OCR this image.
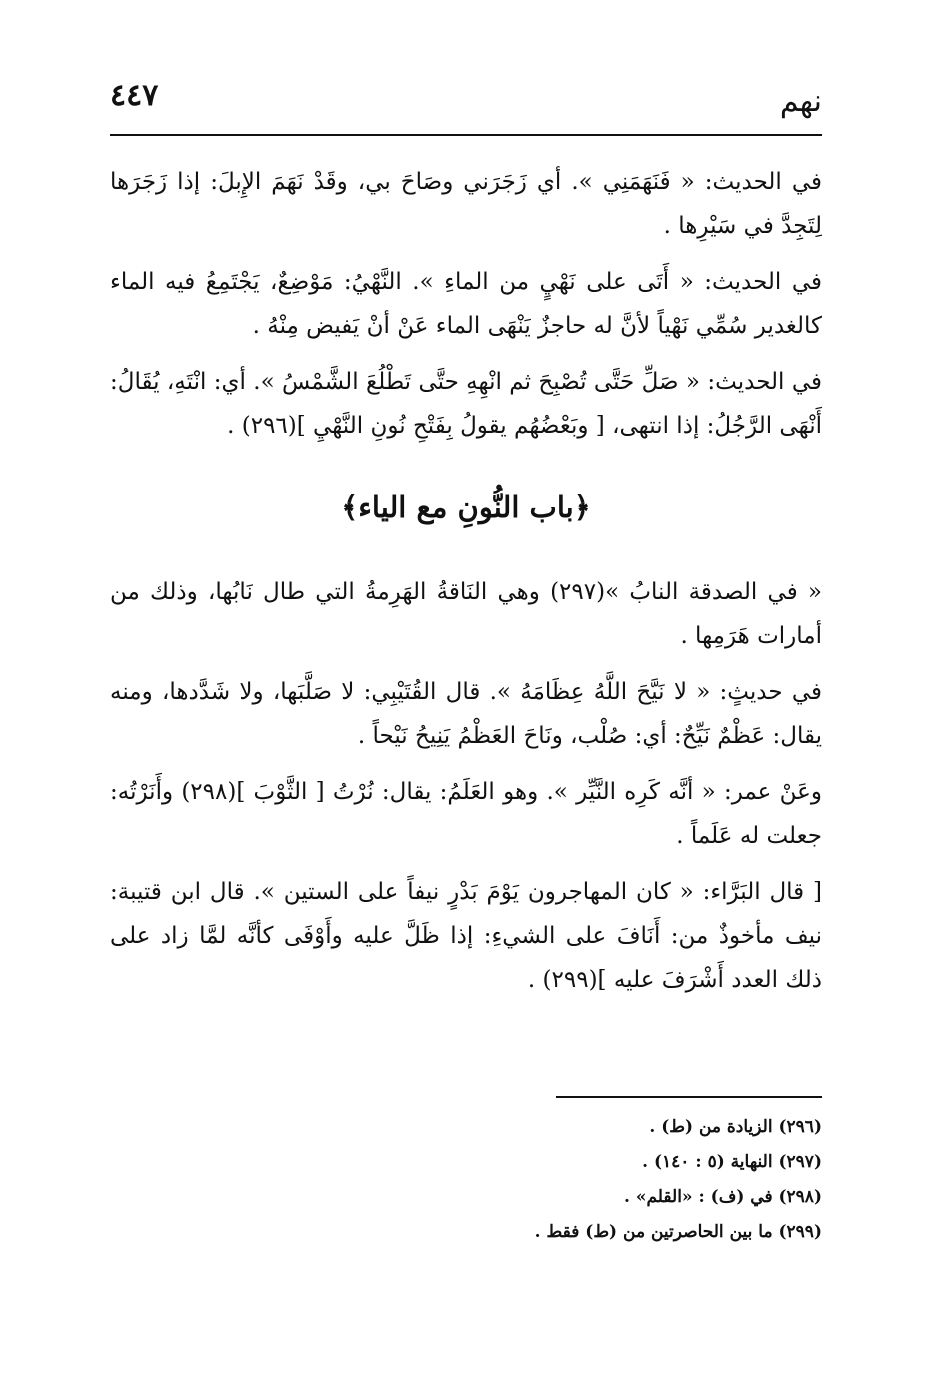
٤٤٧	نهم

في الحديث: « فَنَهَمَنِي ». أي زَجَرَني وصَاحَ بي، وقَدْ نَهَمَ الإِبلَ: إذا زَجَرَها لِتَجِدَّ في سَيْرِها .

في الحديث: « أَتَى على نَهْيٍ من الماءِ ». النَّهْيُ: مَوْضِعٌ، يَجْتَمِعُ فيه الماء كالغدير سُمِّي نَهْياً لأنَّ له حاجزٌ يَنْهَى الماء عَنْ أنْ يَفيض مِنْهُ .

في الحديث: « صَلِّ حَتَّى تُصْبِحَ ثم انْهِهِ حتَّى تَطْلُعَ الشَّمْسُ ». أي: انْتَهِ، يُقَالُ: أَنْهَى الرَّجُلُ: إذا انتهى، [ وبَعْضُهُم يقولُ بِفَتْحِ نُونِ النَّهْيِ ](٢٩٦) .

﴿باب النُّونِ مع الياء﴾

« في الصدقة النابُ »(٢٩٧) وهي النَاقةُ الهَرِمةُ التي طال نَابُها، وذلك من أمارات هَرَمِها .

في حديثٍ: « لا نَيَّحَ اللَّهُ عِظَامَهُ ». قال القُتَيْبِي: لا صَلَّبَها، ولا شَدَّدها، ومنه يقال: عَظْمٌ نَيِّحٌ: أي: صُلْب، ونَاحَ العَظْمُ يَنِيحُ نَيْحاً .

وعَنْ عمر: « أنَّه كَرِه النَّيِّر ». وهو العَلَمُ: يقال: نُرْتُ [ الثَّوْبَ ](٢٩٨) وأَنَرْتُه: جعلت له عَلَماً .

[ قال البَرَّاء: « كان المهاجرون يَوْمَ بَدْرٍ نيفاً على الستين ». قال ابن قتيبة: نيف مأخوذٌ من: أَنَافَ على الشيءِ: إذا ظَلَّ عليه وأَوْفَى كأنَّه لمَّا زاد على ذلك العدد أَشْرَفَ عليه ](٢٩٩) .

(٢٩٦) الزيادة من (ط) .

(٢٩٧) النهاية (٥ : ١٤٠) .

(٢٩٨) في (ف) : «القلم» .

(٢٩٩) ما بين الحاصرتين من (ط) فقط .
